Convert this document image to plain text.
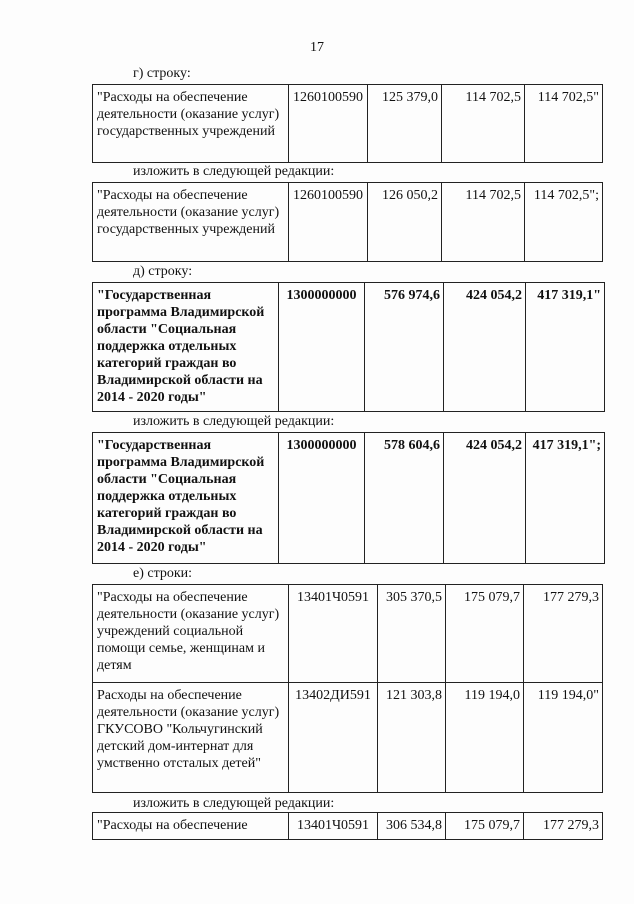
17
г) строку:
"Расходы на обеспечение деятельности (оказание услуг) государственных учреждений	1260100590	125 379,0	114 702,5	114 702,5"
изложить в следующей редакции:
"Расходы на обеспечение деятельности (оказание услуг) государственных учреждений	1260100590	126 050,2	114 702,5	114 702,5";
д) строку:
"Государственная программа Владимирской области "Социальная поддержка отдельных категорий граждан во Владимирской области на 2014 - 2020 годы"	1300000000	576 974,6	424 054,2	417 319,1"
изложить в следующей редакции:
"Государственная программа Владимирской области "Социальная поддержка отдельных категорий граждан во Владимирской области на 2014 - 2020 годы"	1300000000	578 604,6	424 054,2	417 319,1";
е) строки:
"Расходы на обеспечение деятельности (оказание услуг) учреждений социальной помощи семье, женщинам и детям	13401Ч0591	305 370,5	175 079,7	177 279,3
Расходы на обеспечение деятельности (оказание услуг) ГКУСОВО "Кольчугинский детский дом-интернат для умственно отсталых детей"	13402ДИ591	121 303,8	119 194,0	119 194,0"
изложить в следующей редакции:
"Расходы на обеспечение	13401Ч0591	306 534,8	175 079,7	177 279,3
